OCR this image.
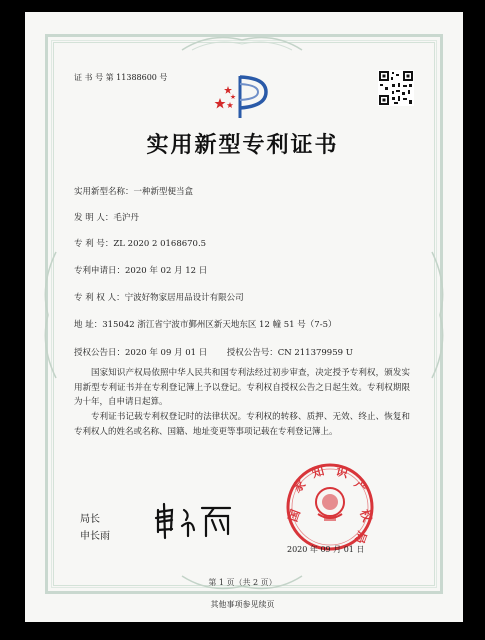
证 书 号 第 11388600 号
实用新型专利证书
实用新型名称：一种新型便当盒
发 明 人：毛沪丹
专 利 号：ZL 2020 2 0168670.5
专利申请日：2020 年 02 月 12 日
专 利 权 人：宁波好物家居用品设计有限公司
地 址：315042 浙江省宁波市鄞州区新天地东区 12 幢 51 号（7-5）
授权公告日：2020 年 09 月 01 日 授权公告号：CN 211379959 U
国家知识产权局依照中华人民共和国专利法经过初步审查，决定授予专利权，颁发实用新型专利证书并在专利登记簿上予以登记。专利权自授权公告之日起生效。专利权期限为十年，自申请日起算。
专利证书记载专利权登记时的法律状况。专利权的转移、质押、无效、终止、恢复和专利权人的姓名或名称、国籍、地址变更等事项记载在专利登记簿上。
国
家
知 识
产
权
局
2020 年 09 月 01 日
局长
申长雨
第 1 页（共 2 页）
其他事项参见续页
